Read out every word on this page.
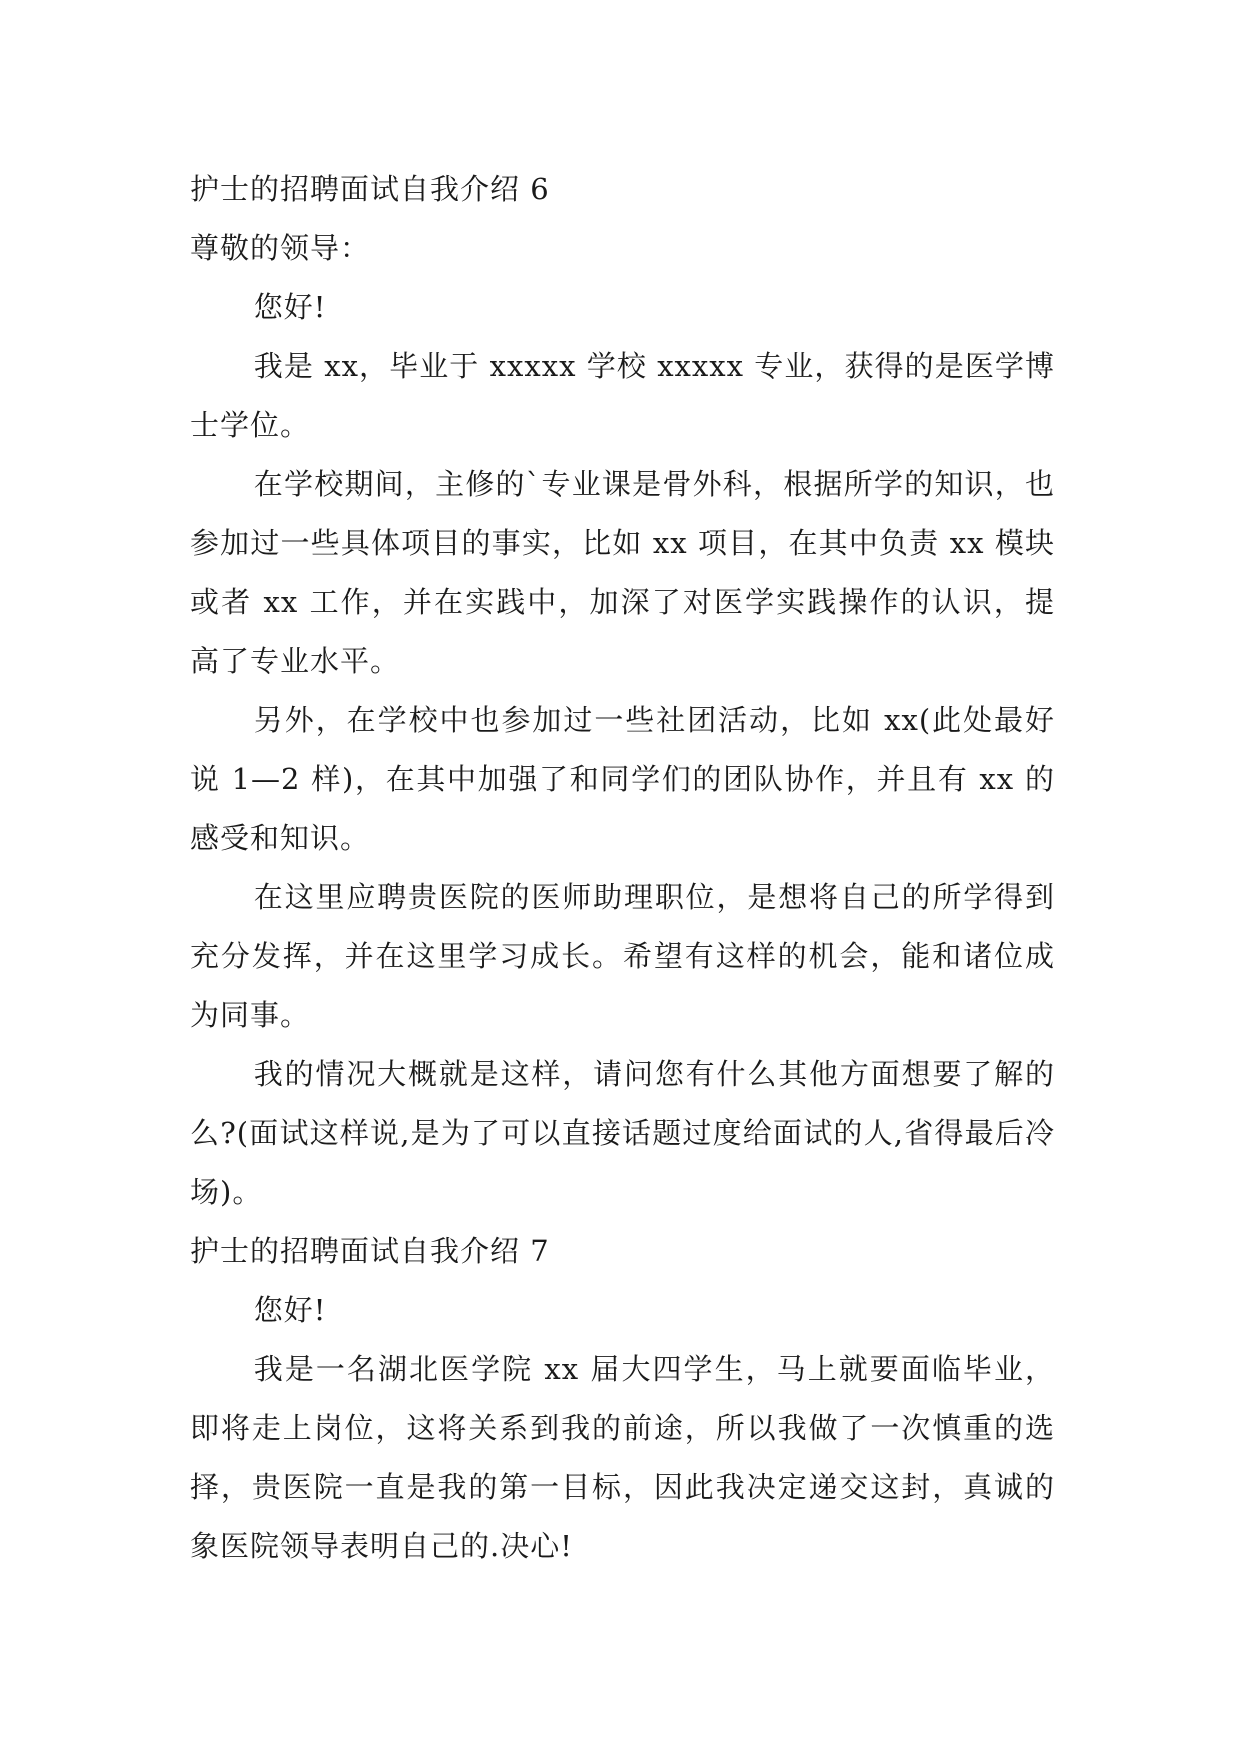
护士的招聘面试自我介绍 6

尊敬的领导：

您好!

我是 xx，毕业于 xxxxx 学校 xxxxx 专业，获得的是医学博士学位。

在学校期间，主修的`专业课是骨外科，根据所学的知识，也参加过一些具体项目的事实，比如 xx 项目，在其中负责 xx 模块或者 xx 工作，并在实践中，加深了对医学实践操作的认识，提高了专业水平。

另外，在学校中也参加过一些社团活动，比如 xx(此处最好说 1—2 样)，在其中加强了和同学们的团队协作，并且有 xx 的感受和知识。

在这里应聘贵医院的医师助理职位，是想将自己的所学得到充分发挥，并在这里学习成长。希望有这样的机会，能和诸位成为同事。

我的情况大概就是这样，请问您有什么其他方面想要了解的么?(面试这样说,是为了可以直接话题过度给面试的人,省得最后冷场)。

护士的招聘面试自我介绍 7

您好!

我是一名湖北医学院 xx 届大四学生，马上就要面临毕业，即将走上岗位，这将关系到我的前途，所以我做了一次慎重的选择，贵医院一直是我的第一目标，因此我决定递交这封，真诚的象医院领导表明自己的.决心!
